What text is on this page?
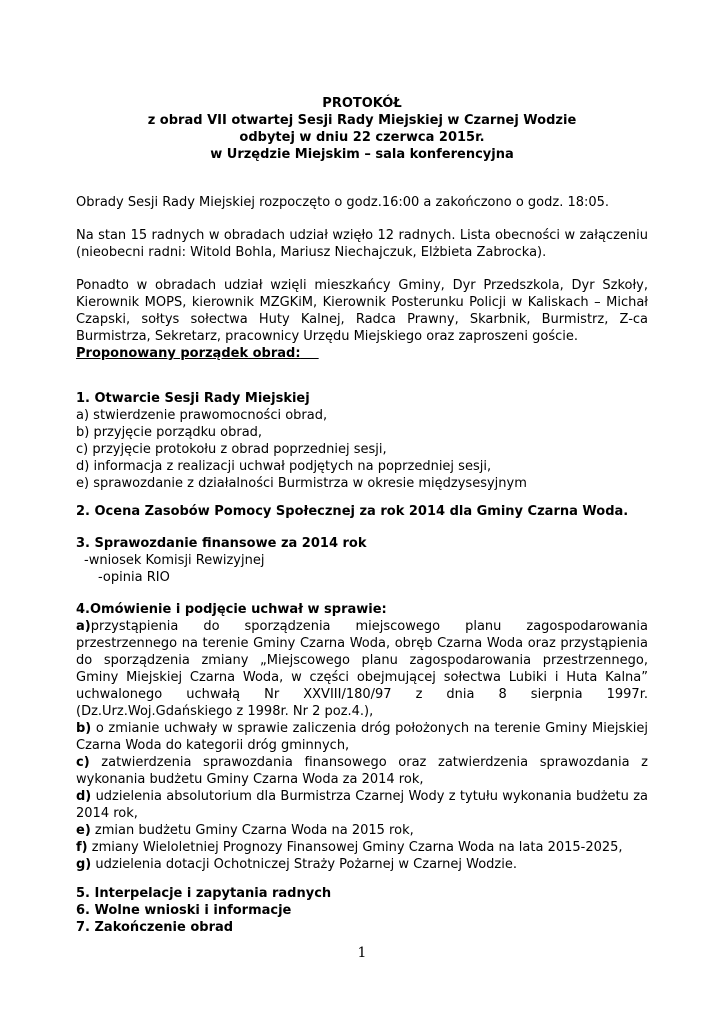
PROTOKÓŁ
z obrad VII otwartej Sesji Rady Miejskiej w Czarnej Wodzie
odbytej w dniu 22 czerwca 2015r.
w Urzędzie Miejskim – sala konferencyjna
Obrady Sesji Rady Miejskiej rozpoczęto o godz.16:00 a zakończono o godz. 18:05.
Na stan 15 radnych w obradach udział wzięło 12 radnych. Lista obecności w załączeniu
(nieobecni radni: Witold Bohla, Mariusz Niechajczuk, Elżbieta Zabrocka).
Ponadto w obradach udział wzięli mieszkańcy Gminy, Dyr Przedszkola, Dyr Szkoły, Kierownik MOPS, kierownik MZGKiM, Kierownik Posterunku Policji w Kaliskach – Michał Czapski, sołtys sołectwa Huty Kalnej, Radca Prawny, Skarbnik, Burmistrz, Z-ca Burmistrza, Sekretarz, pracownicy Urzędu Miejskiego oraz zaproszeni goście.
Proponowany porządek obrad:
1. Otwarcie Sesji Rady Miejskiej
a) stwierdzenie prawomocności obrad,
b) przyjęcie porządku obrad,
c) przyjęcie protokołu z obrad poprzedniej sesji,
d) informacja z realizacji uchwał podjętych na poprzedniej sesji,
e) sprawozdanie z działalności Burmistrza w okresie międzysesyjnym
2. Ocena Zasobów Pomocy Społecznej za rok 2014 dla Gminy Czarna Woda.
3. Sprawozdanie finansowe za 2014 rok
-wniosek Komisji Rewizyjnej
-opinia RIO
4.Omówienie i podjęcie uchwał w sprawie:
a)przystąpienia do sporządzenia miejscowego planu zagospodarowania przestrzennego na terenie Gminy Czarna Woda, obręb Czarna Woda oraz przystąpienia do sporządzenia zmiany „Miejscowego planu zagospodarowania przestrzennego, Gminy Miejskiej Czarna Woda, w części obejmującej sołectwa Lubiki i Huta Kalna” uchwalonego uchwałą Nr XXVIII/180/97 z dnia 8 sierpnia 1997r. (Dz.Urz.Woj.Gdańskiego z 1998r. Nr 2 poz.4.),
b) o zmianie uchwały w sprawie zaliczenia dróg położonych na terenie Gminy Miejskiej Czarna Woda do kategorii dróg gminnych,
c) zatwierdzenia sprawozdania finansowego oraz zatwierdzenia sprawozdania z wykonania budżetu Gminy Czarna Woda za 2014 rok,
d) udzielenia absolutorium dla Burmistrza Czarnej Wody z tytułu wykonania budżetu za 2014 rok,
e) zmian budżetu Gminy Czarna Woda na 2015 rok,
f) zmiany Wieloletniej Prognozy Finansowej Gminy Czarna Woda na lata 2015-2025,
g) udzielenia dotacji Ochotniczej Straży Pożarnej w Czarnej Wodzie.
5. Interpelacje i zapytania radnych
6. Wolne wnioski i informacje
7. Zakończenie obrad
1
